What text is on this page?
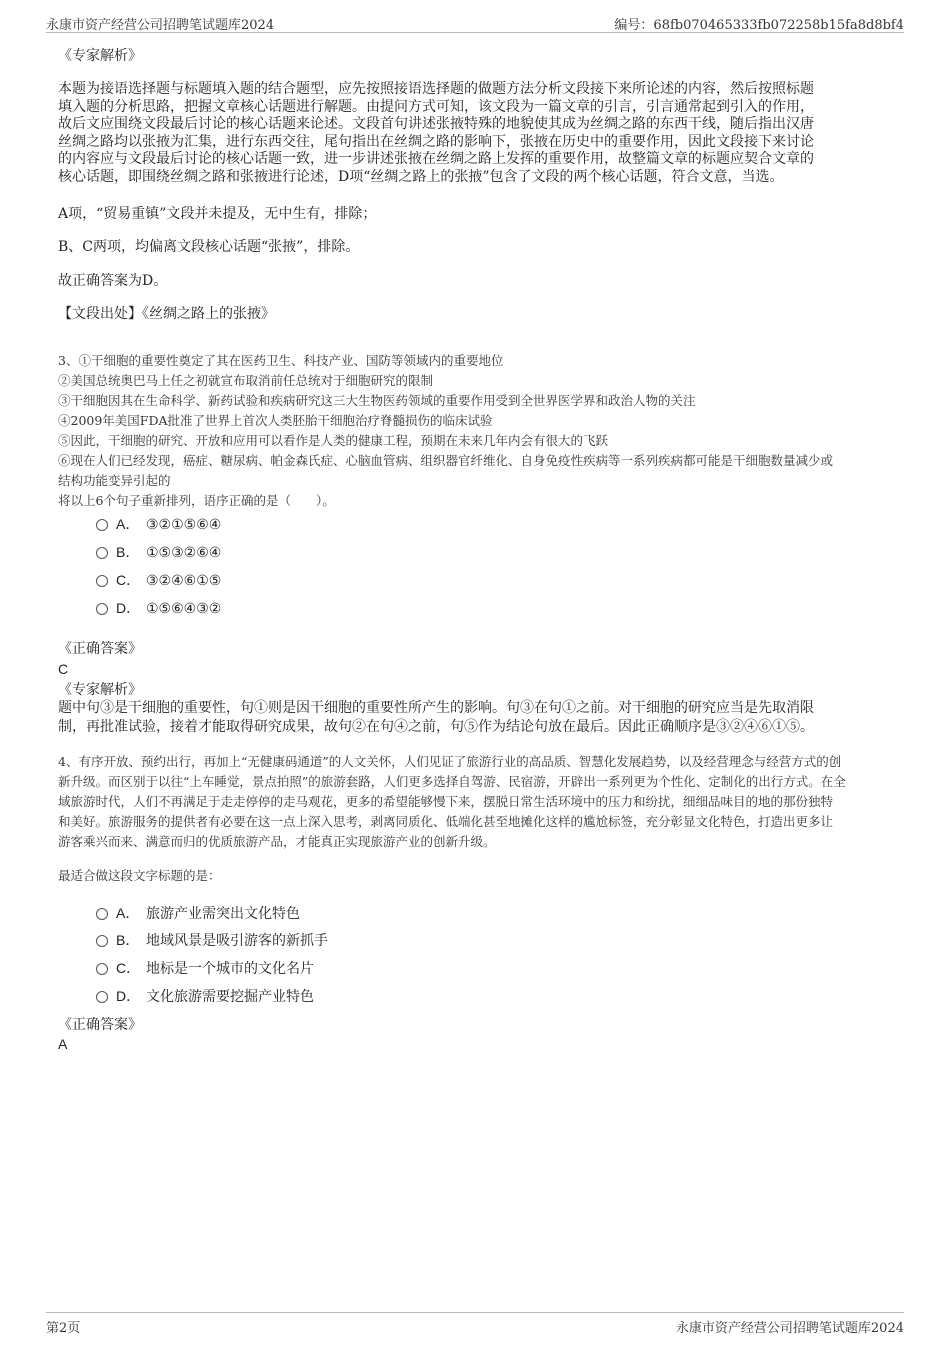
永康市资产经营公司招聘笔试题库2024	编号：68fb070465333fb072258b15fa8d8bf4
《专家解析》
本题为接语选择题与标题填入题的结合题型，应先按照接语选择题的做题方法分析文段接下来所论述的内容，然后按照标题
填入题的分析思路，把握文章核心话题进行解题。由提问方式可知，该文段为一篇文章的引言，引言通常起到引入的作用，
故后文应围绕文段最后讨论的核心话题来论述。文段首句讲述张掖特殊的地貌使其成为丝绸之路的东西干线，随后指出汉唐
丝绸之路均以张掖为汇集，进行东西交往，尾句指出在丝绸之路的影响下，张掖在历史中的重要作用，因此文段接下来讨论
的内容应与文段最后讨论的核心话题一致，进一步讲述张掖在丝绸之路上发挥的重要作用，故整篇文章的标题应契合文章的
核心话题，即围绕丝绸之路和张掖进行论述，D项“丝绸之路上的张掖”包含了文段的两个核心话题，符合文意，当选。
A项，“贸易重镇”文段并未提及，无中生有，排除；
B、C两项，均偏离文段核心话题“张掖”，排除。
故正确答案为D。
【文段出处】《丝绸之路上的张掖》
3、①干细胞的重要性奠定了其在医药卫生、科技产业、国防等领域内的重要地位
②美国总统奥巴马上任之初就宣布取消前任总统对于细胞研究的限制
③干细胞因其在生命科学、新药试验和疾病研究这三大生物医药领域的重要作用受到全世界医学界和政治人物的关注
④2009年美国FDA批准了世界上首次人类胚胎干细胞治疗脊髓损伤的临床试验
⑤因此，干细胞的研究、开放和应用可以看作是人类的健康工程，预期在未来几年内会有很大的飞跃
⑥现在人们已经发现，癌症、糖尿病、帕金森氏症、心脑血管病、组织器官纤维化、自身免疫性疾病等一系列疾病都可能是干细胞数量减少或
结构功能变异引起的
将以上6个句子重新排列，语序正确的是（　　）。
A． ③②①⑤⑥④
B． ①⑤③②⑥④
C． ③②④⑥①⑤
D． ①⑤⑥④③②
《正确答案》
C
《专家解析》
题中句③是干细胞的重要性，句①则是因干细胞的重要性所产生的影响。句③在句①之前。对干细胞的研究应当是先取消限
制，再批准试验，接着才能取得研究成果，故句②在句④之前，句⑤作为结论句放在最后。因此正确顺序是③②④⑥①⑤。
4、有序开放、预约出行，再加上“无健康码通道”的人文关怀，人们见证了旅游行业的高品质、智慧化发展趋势，以及经营理念与经营方式的创
新升级。而区别于以往“上车睡觉，景点拍照”的旅游套路，人们更多选择自驾游、民宿游，开辟出一系列更为个性化、定制化的出行方式。在全
域旅游时代，人们不再满足于走走停停的走马观花，更多的希望能够慢下来，摆脱日常生活环境中的压力和纷扰，细细品味目的地的那份独特
和美好。旅游服务的提供者有必要在这一点上深入思考，剥离同质化、低端化甚至地摊化这样的尴尬标签，充分彰显文化特色，打造出更多让
游客乘兴而来、满意而归的优质旅游产品，才能真正实现旅游产业的创新升级。
最适合做这段文字标题的是：
A． 旅游产业需突出文化特色
B． 地域风景是吸引游客的新抓手
C． 地标是一个城市的文化名片
D． 文化旅游需要挖掘产业特色
《正确答案》
A
第2页	永康市资产经营公司招聘笔试题库2024
